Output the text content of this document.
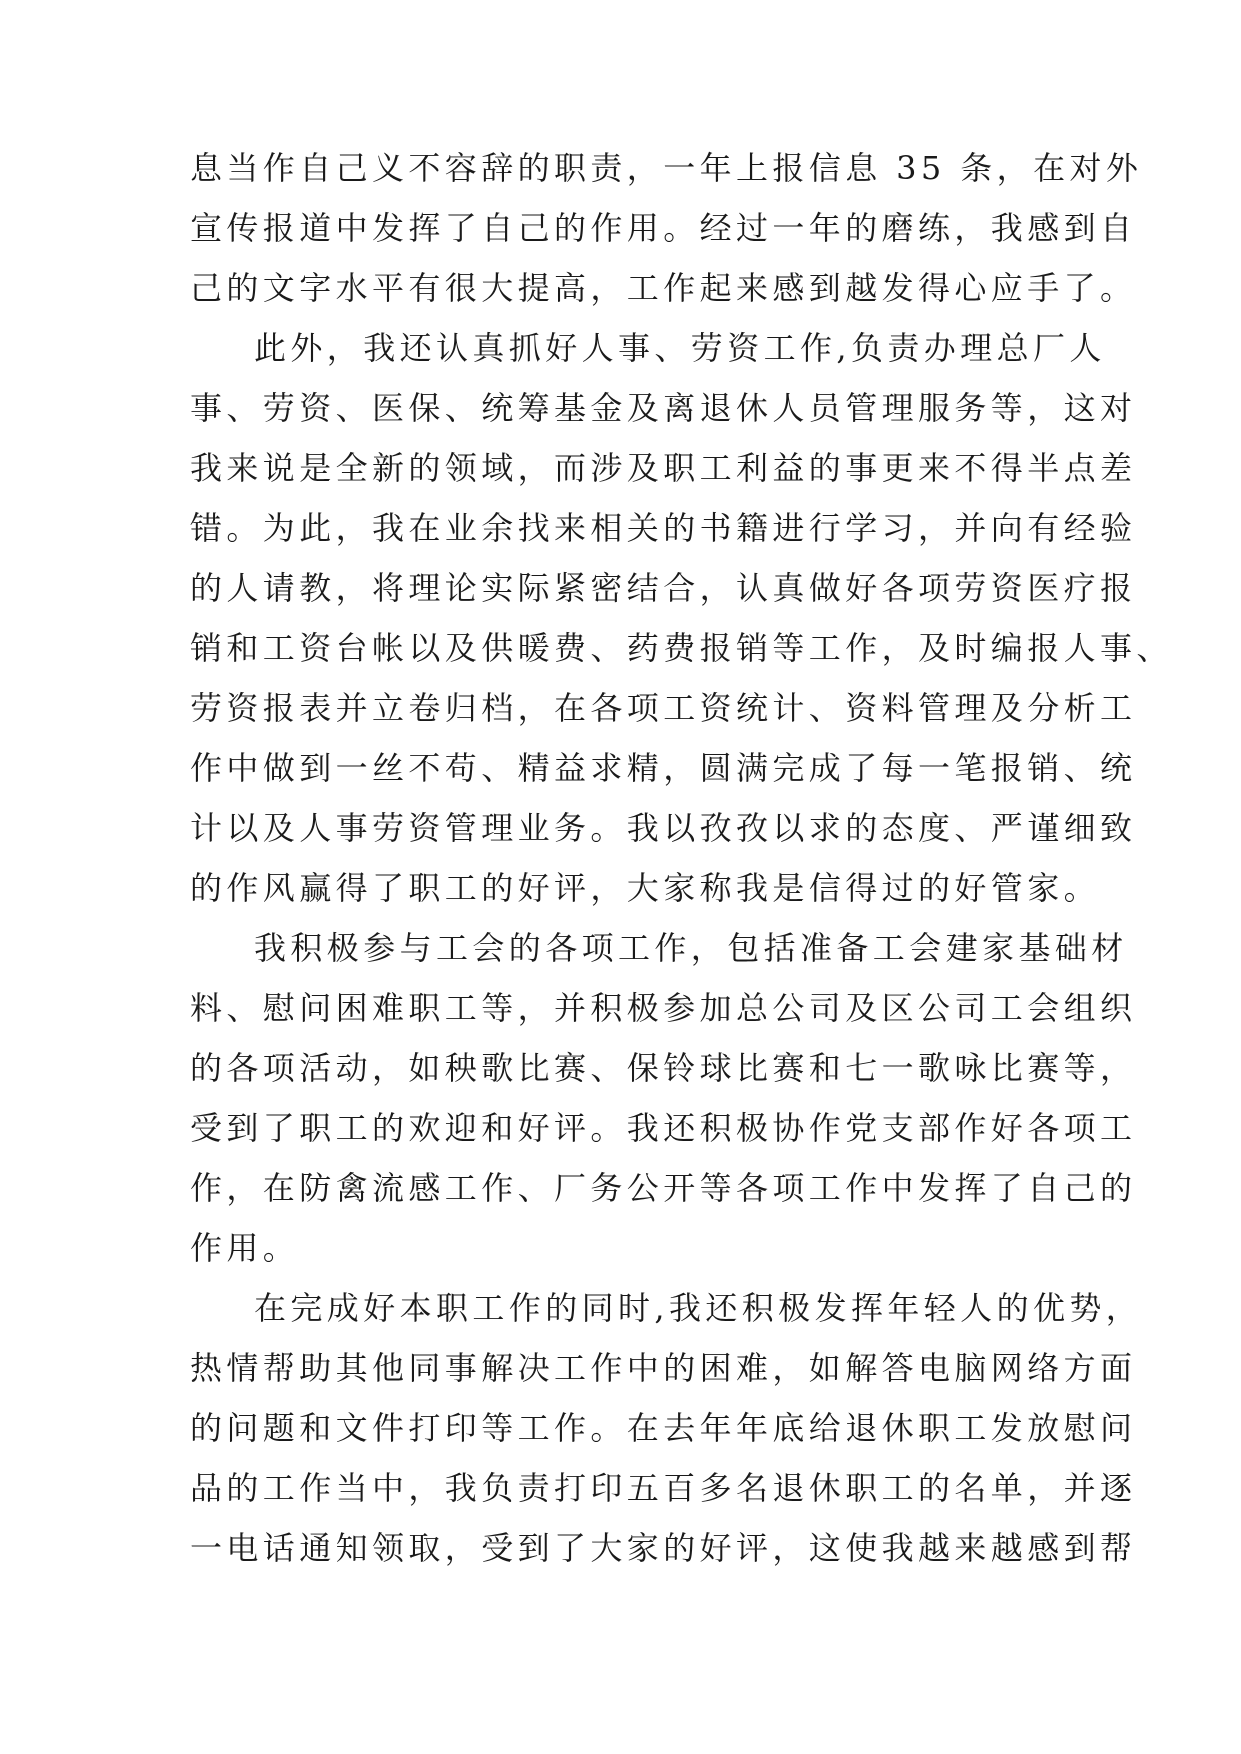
息当作自己义不容辞的职责，一年上报信息 35 条，在对外
宣传报道中发挥了自己的作用。经过一年的磨练，我感到自
己的文字水平有很大提高，工作起来感到越发得心应手了。
此外，我还认真抓好人事、劳资工作,负责办理总厂人
事、劳资、医保、统筹基金及离退休人员管理服务等，这对
我来说是全新的领域，而涉及职工利益的事更来不得半点差
错。为此，我在业余找来相关的书籍进行学习，并向有经验
的人请教，将理论实际紧密结合，认真做好各项劳资医疗报
销和工资台帐以及供暖费、药费报销等工作，及时编报人事、
劳资报表并立卷归档，在各项工资统计、资料管理及分析工
作中做到一丝不苟、精益求精，圆满完成了每一笔报销、统
计以及人事劳资管理业务。我以孜孜以求的态度、严谨细致
的作风赢得了职工的好评，大家称我是信得过的好管家。
我积极参与工会的各项工作，包括准备工会建家基础材
料、慰问困难职工等，并积极参加总公司及区公司工会组织
的各项活动，如秧歌比赛、保铃球比赛和七一歌咏比赛等，
受到了职工的欢迎和好评。我还积极协作党支部作好各项工
作，在防禽流感工作、厂务公开等各项工作中发挥了自己的
作用。
在完成好本职工作的同时,我还积极发挥年轻人的优势，
热情帮助其他同事解决工作中的困难，如解答电脑网络方面
的问题和文件打印等工作。在去年年底给退休职工发放慰问
品的工作当中，我负责打印五百多名退休职工的名单，并逐
一电话通知领取，受到了大家的好评，这使我越来越感到帮
